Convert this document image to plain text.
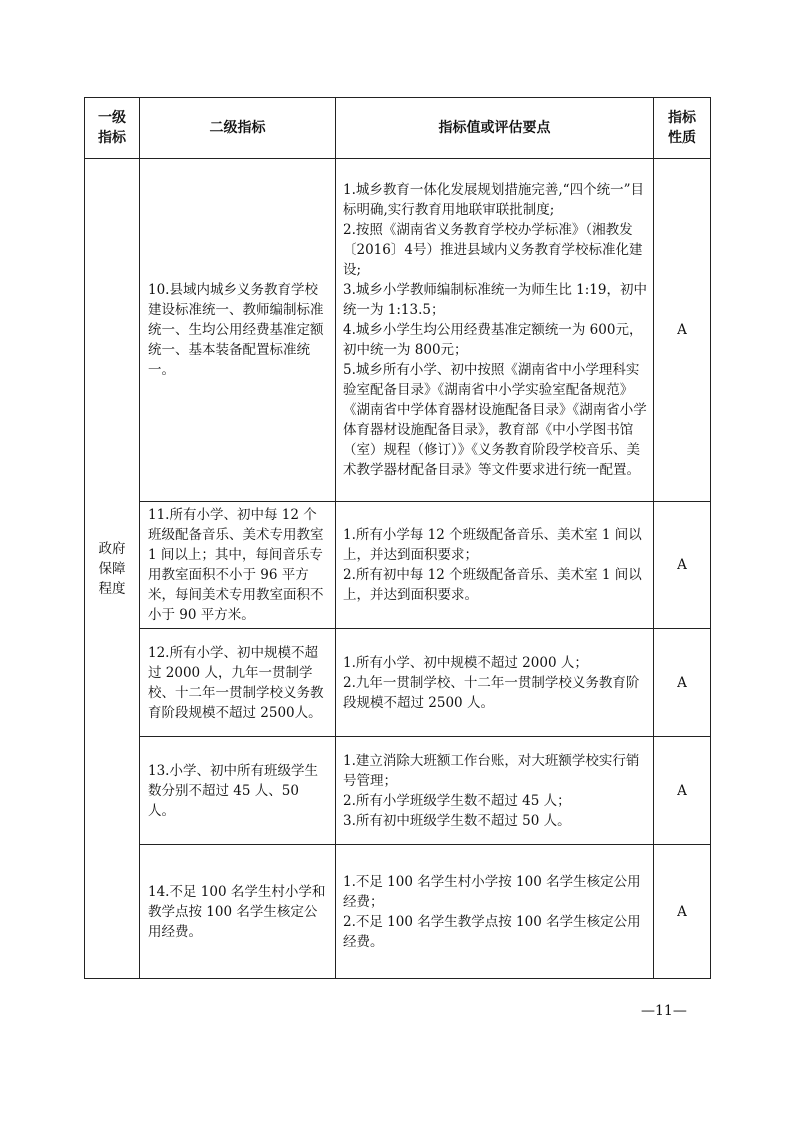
一级指标	二级指标	指标值或评估要点	指标性质
政府保障程度	10.县域内城乡义务教育学校建设标准统一、教师编制标准统一、生均公用经费基准定额统一、基本装备配置标准统一。	1.城乡教育一体化发展规划措施完善,“四个统一”目标明确,实行教育用地联审联批制度;
2.按照《湖南省义务教育学校办学标准》（湘教发〔2016〕4号）推进县域内义务教育学校标准化建设;
3.城乡小学教师编制标准统一为师生比 1:19，初中统一为 1:13.5；
4.城乡小学生均公用经费基准定额统一为 600元，初中统一为 800元；
5.城乡所有小学、初中按照《湖南省中小学理科实验室配备目录》《湖南省中小学实验室配备规范》《湖南省中学体育器材设施配备目录》《湖南省小学体育器材设施配备目录》，教育部《中小学图书馆（室）规程（修订）》《义务教育阶段学校音乐、美术教学器材配备目录》等文件要求进行统一配置。	A
	11.所有小学、初中每 12 个班级配备音乐、美术专用教室 1 间以上；其中，每间音乐专用教室面积不小于 96 平方米，每间美术专用教室面积不小于 90 平方米。	1.所有小学每 12 个班级配备音乐、美术室 1 间以上，并达到面积要求；
2.所有初中每 12 个班级配备音乐、美术室 1 间以上，并达到面积要求。	A
	12.所有小学、初中规模不超过 2000 人，九年一贯制学校、十二年一贯制学校义务教育阶段规模不超过 2500人。	1.所有小学、初中规模不超过 2000 人；
2.九年一贯制学校、十二年一贯制学校义务教育阶段规模不超过 2500 人。	A
	13.小学、初中所有班级学生数分别不超过 45 人、50 人。	1.建立消除大班额工作台账，对大班额学校实行销号管理；
2.所有小学班级学生数不超过 45 人；
3.所有初中班级学生数不超过 50 人。	A
	14.不足 100 名学生村小学和教学点按 100 名学生核定公用经费。	1.不足 100 名学生村小学按 100 名学生核定公用经费；
2.不足 100 名学生教学点按 100 名学生核定公用经费。	A
—11—
